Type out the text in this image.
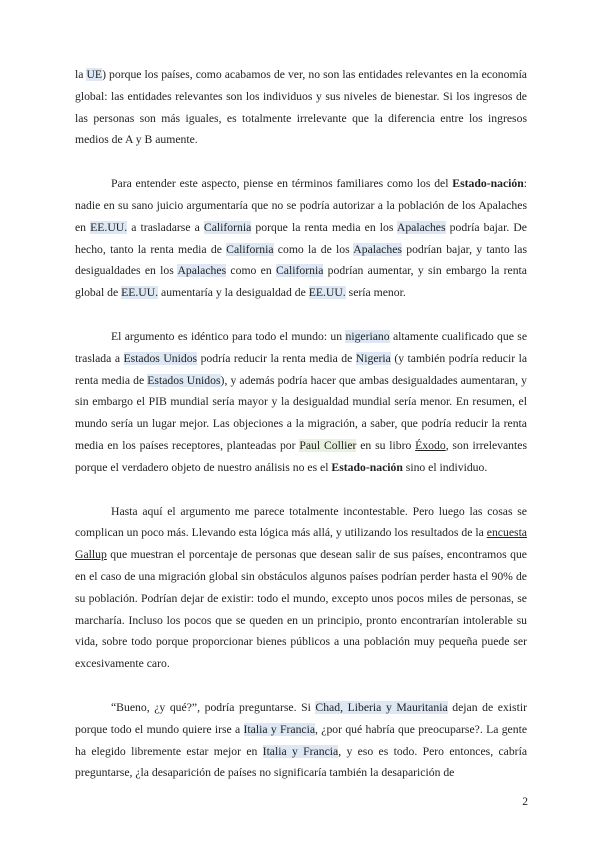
la UE) porque los países, como acabamos de ver, no son las entidades relevantes en la economía global: las entidades relevantes son los individuos y sus niveles de bienestar. Si los ingresos de las personas son más iguales, es totalmente irrelevante que la diferencia entre los ingresos medios de A y B aumente.

Para entender este aspecto, piense en términos familiares como los del Estado-nación: nadie en su sano juicio argumentaría que no se podría autorizar a la población de los Apalaches en EE.UU. a trasladarse a California porque la renta media en los Apalaches podría bajar. De hecho, tanto la renta media de California como la de los Apalaches podrían bajar, y tanto las desigualdades en los Apalaches como en California podrían aumentar, y sin embargo la renta global de EE.UU. aumentaría y la desigualdad de EE.UU. sería menor.

El argumento es idéntico para todo el mundo: un nigeriano altamente cualificado que se traslada a Estados Unidos podría reducir la renta media de Nigeria (y también podría reducir la renta media de Estados Unidos), y además podría hacer que ambas desigualdades aumentaran, y sin embargo el PIB mundial sería mayor y la desigualdad mundial sería menor. En resumen, el mundo sería un lugar mejor. Las objeciones a la migración, a saber, que podría reducir la renta media en los países receptores, planteadas por Paul Collier en su libro Éxodo, son irrelevantes porque el verdadero objeto de nuestro análisis no es el Estado-nación sino el individuo.

Hasta aquí el argumento me parece totalmente incontestable. Pero luego las cosas se complican un poco más. Llevando esta lógica más allá, y utilizando los resultados de la encuesta Gallup que muestran el porcentaje de personas que desean salir de sus países, encontramos que en el caso de una migración global sin obstáculos algunos países podrían perder hasta el 90% de su población. Podrían dejar de existir: todo el mundo, excepto unos pocos miles de personas, se marcharía. Incluso los pocos que se queden en un principio, pronto encontrarían intolerable su vida, sobre todo porque proporcionar bienes públicos a una población muy pequeña puede ser excesivamente caro.

“Bueno, ¿y qué?”, podría preguntarse. Si Chad, Liberia y Mauritania dejan de existir porque todo el mundo quiere irse a Italia y Francia, ¿por qué habría que preocuparse?. La gente ha elegido libremente estar mejor en Italia y Francia, y eso es todo. Pero entonces, cabría preguntarse, ¿la desaparición de países no significaría también la desaparición de

2
